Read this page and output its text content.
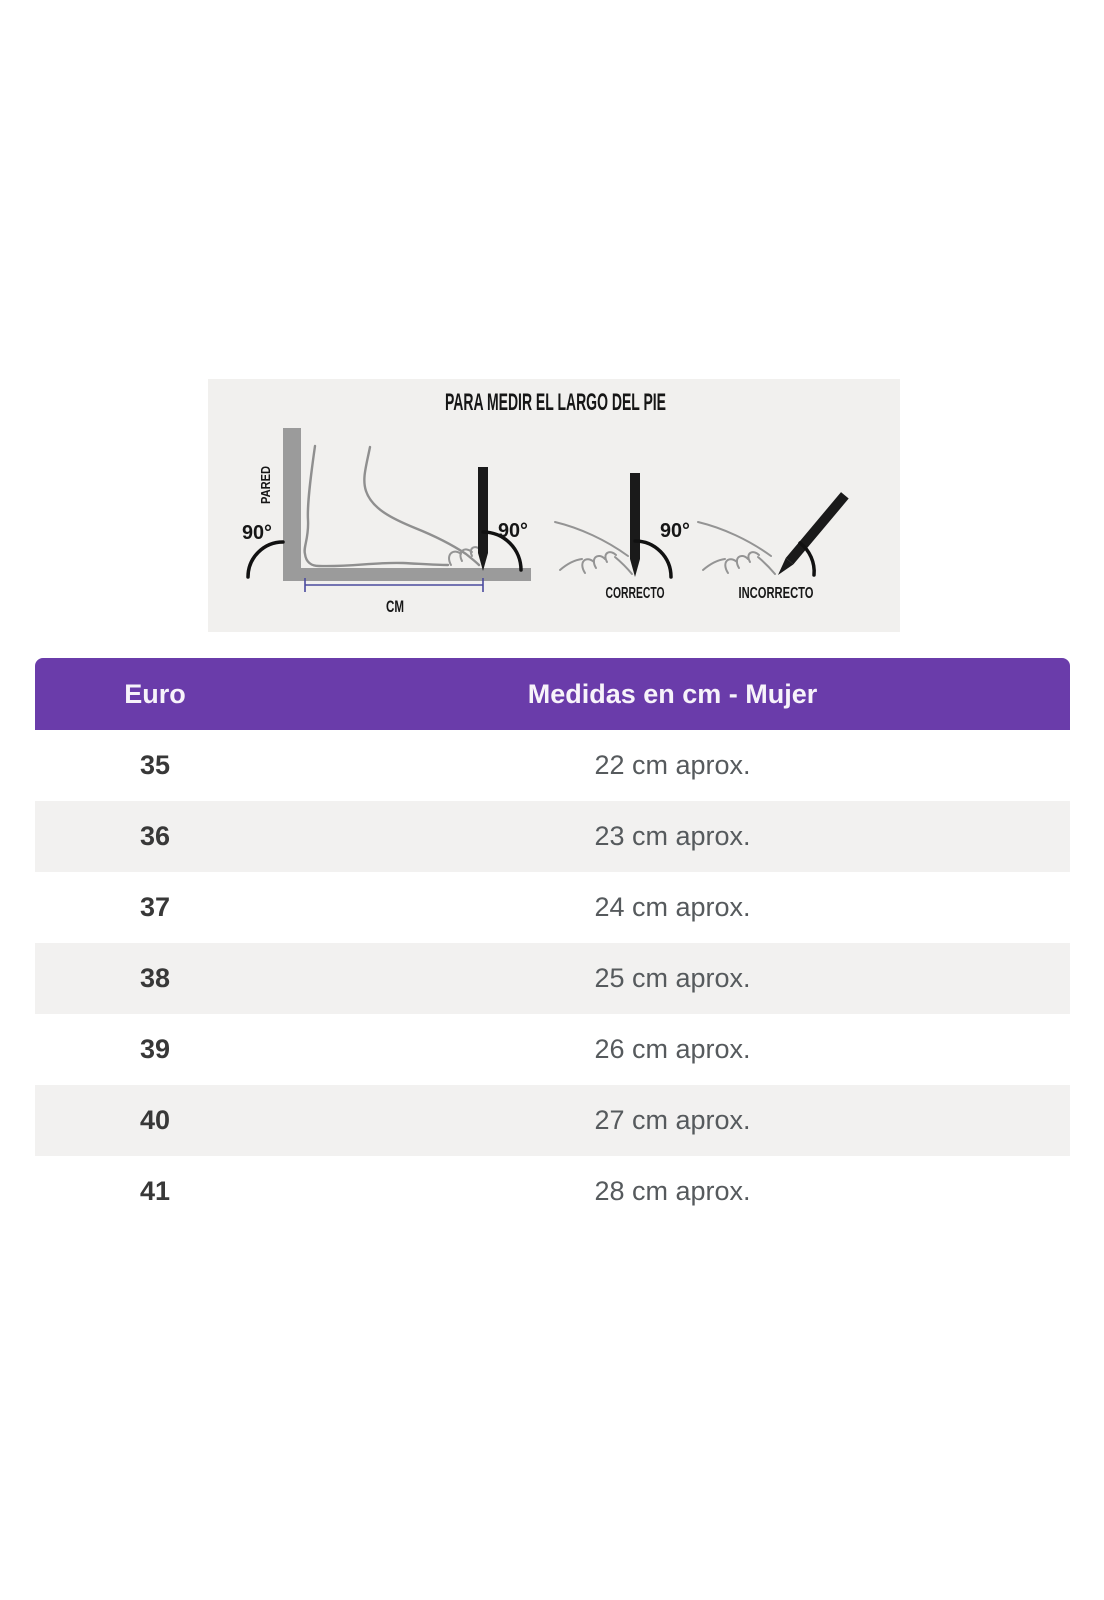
PARA MEDIR EL LARGO DEL PIE
PARED
90°	90°
CM
90°
CORRECTO	INCORRECTO
Euro	Medidas en cm - Mujer
35	22 cm aprox.
36	23 cm aprox.
37	24 cm aprox.
38	25 cm aprox.
39	26 cm aprox.
40	27 cm aprox.
41	28 cm aprox.
